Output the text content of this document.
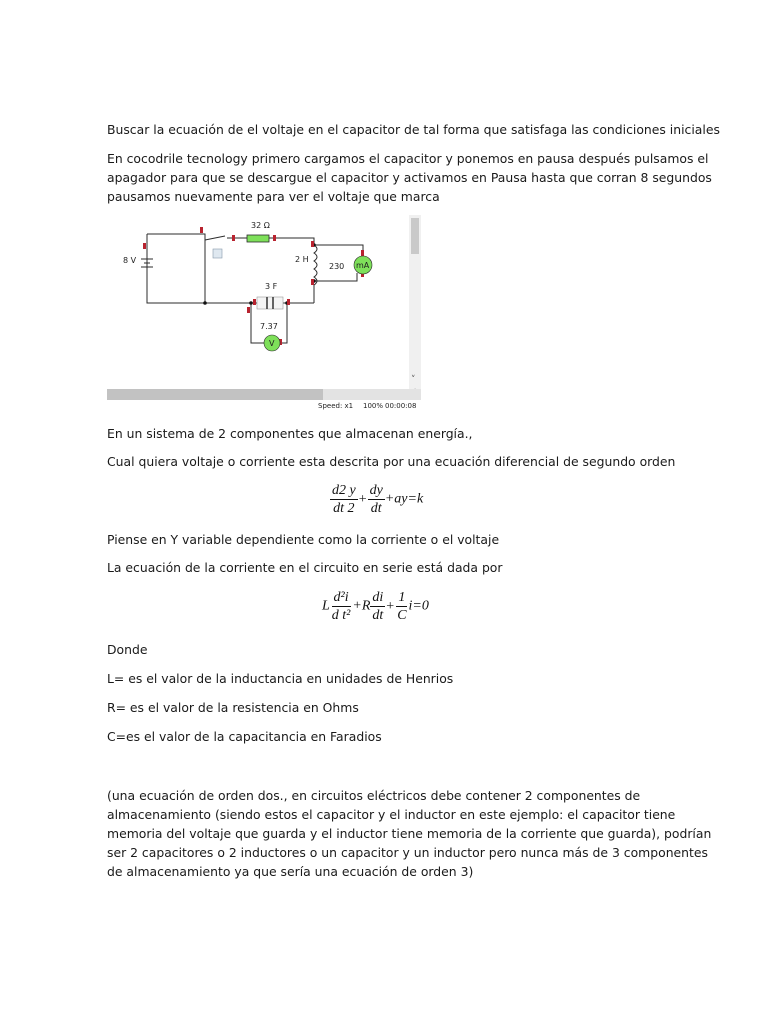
Buscar la ecuación de el voltaje en el capacitor de tal forma que satisfaga las condiciones iniciales
En cocodrile tecnology primero cargamos el capacitor y ponemos en pausa después pulsamos el
apagador para que se descargue el capacitor y activamos en Pausa hasta que corran 8 segundos
pausamos nuevamente para ver el voltaje que marca
8 V
32 Ω
2 H
230 mA
3 F
7.37
V
˅
Speed: x1 100% 00:00:08
En un sistema de 2 componentes que almacenan energía.,
Cual quiera voltaje o corriente esta descrita por una ecuación diferencial de segundo orden
$\frac{d2 y}{dt 2} + \frac{dy}{dt} +ay=k$
Piense en Y variable dependiente como la corriente o el voltaje
La ecuación de la corriente en el circuito en serie está dada por
L $\frac{\text{d²i}}{\text{d t²}} +R \frac{di}{dt} + \frac{1}{C} i=0$
Donde
L= es el valor de la inductancia en unidades de Henrios
R= es el valor de la resistencia en Ohms
C=es el valor de la capacitancia en Faradios
(una ecuación de orden dos., en circuitos eléctricos debe contener 2 componentes de
almacenamiento (siendo estos el capacitor y el inductor en este ejemplo: el capacitor tiene
memoria del voltaje que guarda y el inductor tiene memoria de la corriente que guarda), podrían
ser 2 capacitores o 2 inductores o un capacitor y un inductor pero nunca más de 3 componentes
de almacenamiento ya que sería una ecuación de orden 3)
